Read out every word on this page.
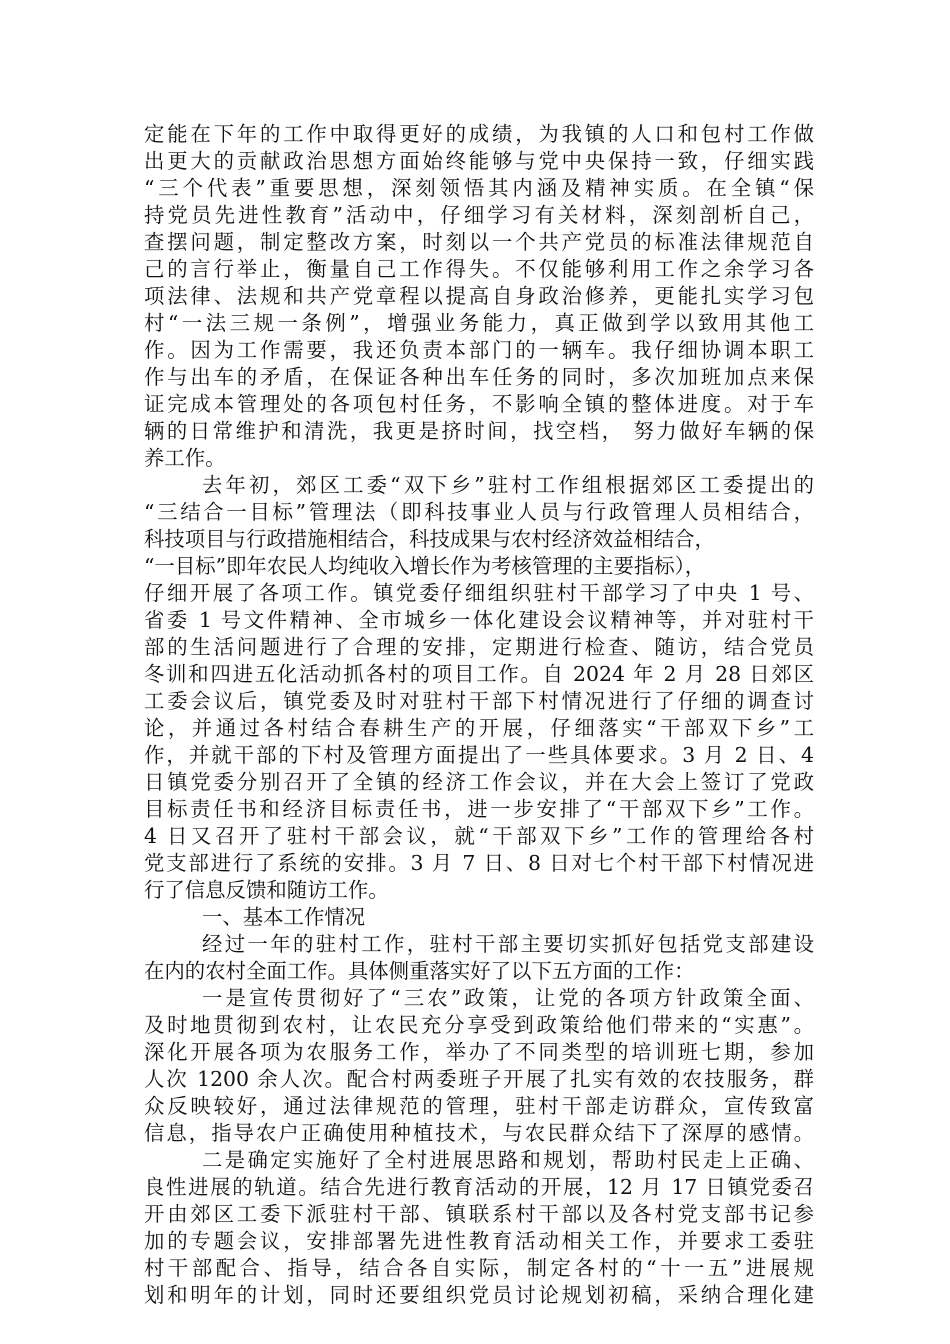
定能在下年的工作中取得更好的成绩，为我镇的人口和包村工作做
出更大的贡献政治思想方面始终能够与党中央保持一致，仔细实践
“三个代表”重要思想，深刻领悟其内涵及精神实质。在全镇“保
持党员先进性教育”活动中，仔细学习有关材料，深刻剖析自己，
查摆问题，制定整改方案，时刻以一个共产党员的标准法律规范自
己的言行举止，衡量自己工作得失。不仅能够利用工作之余学习各
项法律、法规和共产党章程以提高自身政治修养，更能扎实学习包
村“一法三规一条例”，增强业务能力，真正做到学以致用其他工
作。因为工作需要，我还负责本部门的一辆车。我仔细协调本职工
作与出车的矛盾，在保证各种出车任务的同时，多次加班加点来保
证完成本管理处的各项包村任务，不影响全镇的整体进度。对于车
辆的日常维护和清洗，我更是挤时间，找空档， 努力做好车辆的保
养工作。
去年初，郊区工委“双下乡”驻村工作组根据郊区工委提出的
“三结合一目标”管理法（即科技事业人员与行政管理人员相结合，
科技项目与行政措施相结合，科技成果与农村经济效益相结合，
“一目标”即年农民人均纯收入增长作为考核管理的主要指标），
仔细开展了各项工作。镇党委仔细组织驻村干部学习了中央 1 号、
省委 1 号文件精神、全市城乡一体化建设会议精神等，并对驻村干
部的生活问题进行了合理的安排，定期进行检查、随访，结合党员
冬训和四进五化活动抓各村的项目工作。自 2024 年 2 月 28 日郊区
工委会议后，镇党委及时对驻村干部下村情况进行了仔细的调查讨
论，并通过各村结合春耕生产的开展，仔细落实“干部双下乡”工
作，并就干部的下村及管理方面提出了一些具体要求。3 月 2 日、4
日镇党委分别召开了全镇的经济工作会议，并在大会上签订了党政
目标责任书和经济目标责任书，进一步安排了“干部双下乡”工作。
4 日又召开了驻村干部会议，就“干部双下乡”工作的管理给各村
党支部进行了系统的安排。3 月 7 日、8 日对七个村干部下村情况进
行了信息反馈和随访工作。
一、基本工作情况
经过一年的驻村工作，驻村干部主要切实抓好包括党支部建设
在内的农村全面工作。具体侧重落实好了以下五方面的工作：
一是宣传贯彻好了“三农”政策，让党的各项方针政策全面、
及时地贯彻到农村，让农民充分享受到政策给他们带来的“实惠”。
深化开展各项为农服务工作，举办了不同类型的培训班七期，参加
人次 1200 余人次。配合村两委班子开展了扎实有效的农技服务，群
众反映较好，通过法律规范的管理，驻村干部走访群众，宣传致富
信息，指导农户正确使用种植技术，与农民群众结下了深厚的感情。
二是确定实施好了全村进展思路和规划，帮助村民走上正确、
良性进展的轨道。结合先进行教育活动的开展，12 月 17 日镇党委召
开由郊区工委下派驻村干部、镇联系村干部以及各村党支部书记参
加的专题会议，安排部署先进性教育活动相关工作，并要求工委驻
村干部配合、指导，结合各自实际，制定各村的“十一五”进展规
划和明年的计划，同时还要组织党员讨论规划初稿，采纳合理化建
